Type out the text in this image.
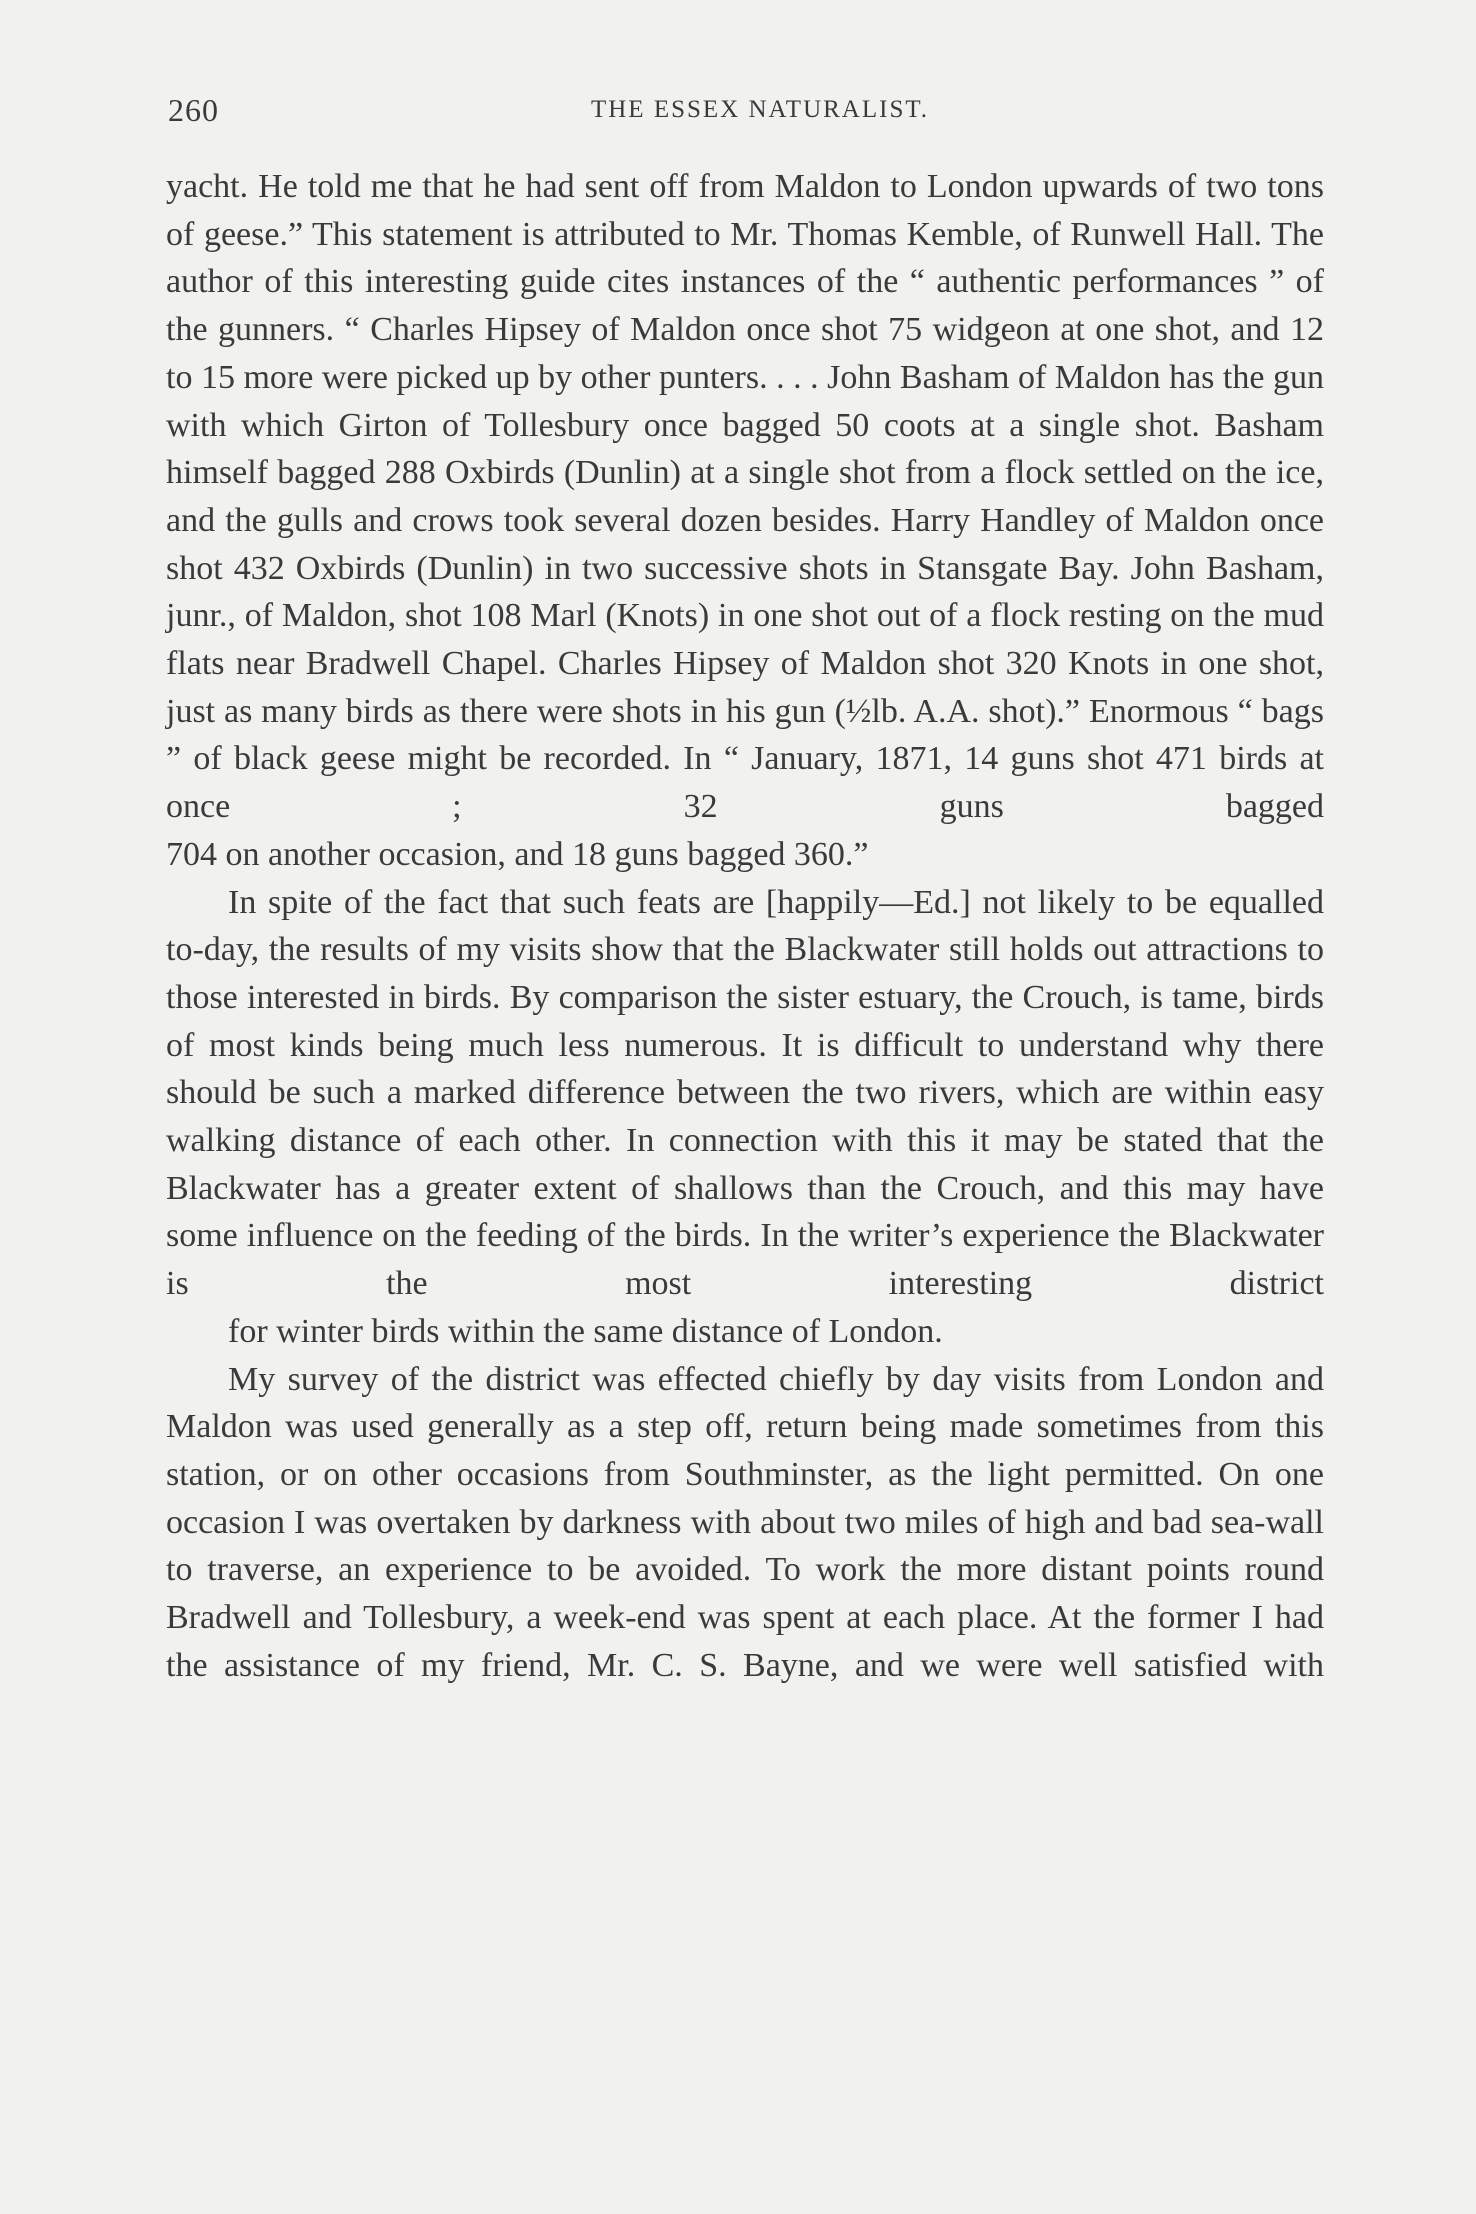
260	THE ESSEX NATURALIST.

yacht. He told me that he had sent off from Maldon to London upwards of two tons of geese.” This statement is attributed to Mr. Thomas Kemble, of Runwell Hall. The author of this interesting guide cites instances of the “ authentic performances ” of the gunners. “ Charles Hipsey of Maldon once shot 75 widgeon at one shot, and 12 to 15 more were picked up by other punters. . . . John Basham of Maldon has the gun with which Girton of Tollesbury once bagged 50 coots at a single shot. Basham himself bagged 288 Oxbirds (Dunlin) at a single shot from a flock settled on the ice, and the gulls and crows took several dozen besides. Harry Handley of Maldon once shot 432 Oxbirds (Dunlin) in two successive shots in Stansgate Bay. John Basham, junr., of Maldon, shot 108 Marl (Knots) in one shot out of a flock resting on the mud flats near Bradwell Chapel. Charles Hipsey of Maldon shot 320 Knots in one shot, just as many birds as there were shots in his gun (½lb. A.A. shot).” Enormous “ bags ” of black geese might be recorded. In “ January, 1871, 14 guns shot 471 birds at once ; 32 guns bagged
704 on another occasion, and 18 guns bagged 360.”

In spite of the fact that such feats are [happily—Ed.] not likely to be equalled to-day, the results of my visits show that the Blackwater still holds out attractions to those interested in birds. By comparison the sister estuary, the Crouch, is tame, birds of most kinds being much less numerous. It is difficult to understand why there should be such a marked difference between the two rivers, which are within easy walking distance of each other. In connection with this it may be stated that the Blackwater has a greater extent of shallows than the Crouch, and this may have some influence on the feeding of the birds. In the writer’s experience the Blackwater is the most interesting district
for winter birds within the same distance of London.

My survey of the district was effected chiefly by day visits from London and Maldon was used generally as a step off, return being made sometimes from this station, or on other occasions from Southminster, as the light permitted. On one occasion I was overtaken by darkness with about two miles of high and bad sea-wall to traverse, an experience to be avoided. To work the more distant points round Bradwell and Tollesbury, a week-end was spent at each place. At the former I had the assistance of my friend, Mr. C. S. Bayne, and we were well satisfied with
